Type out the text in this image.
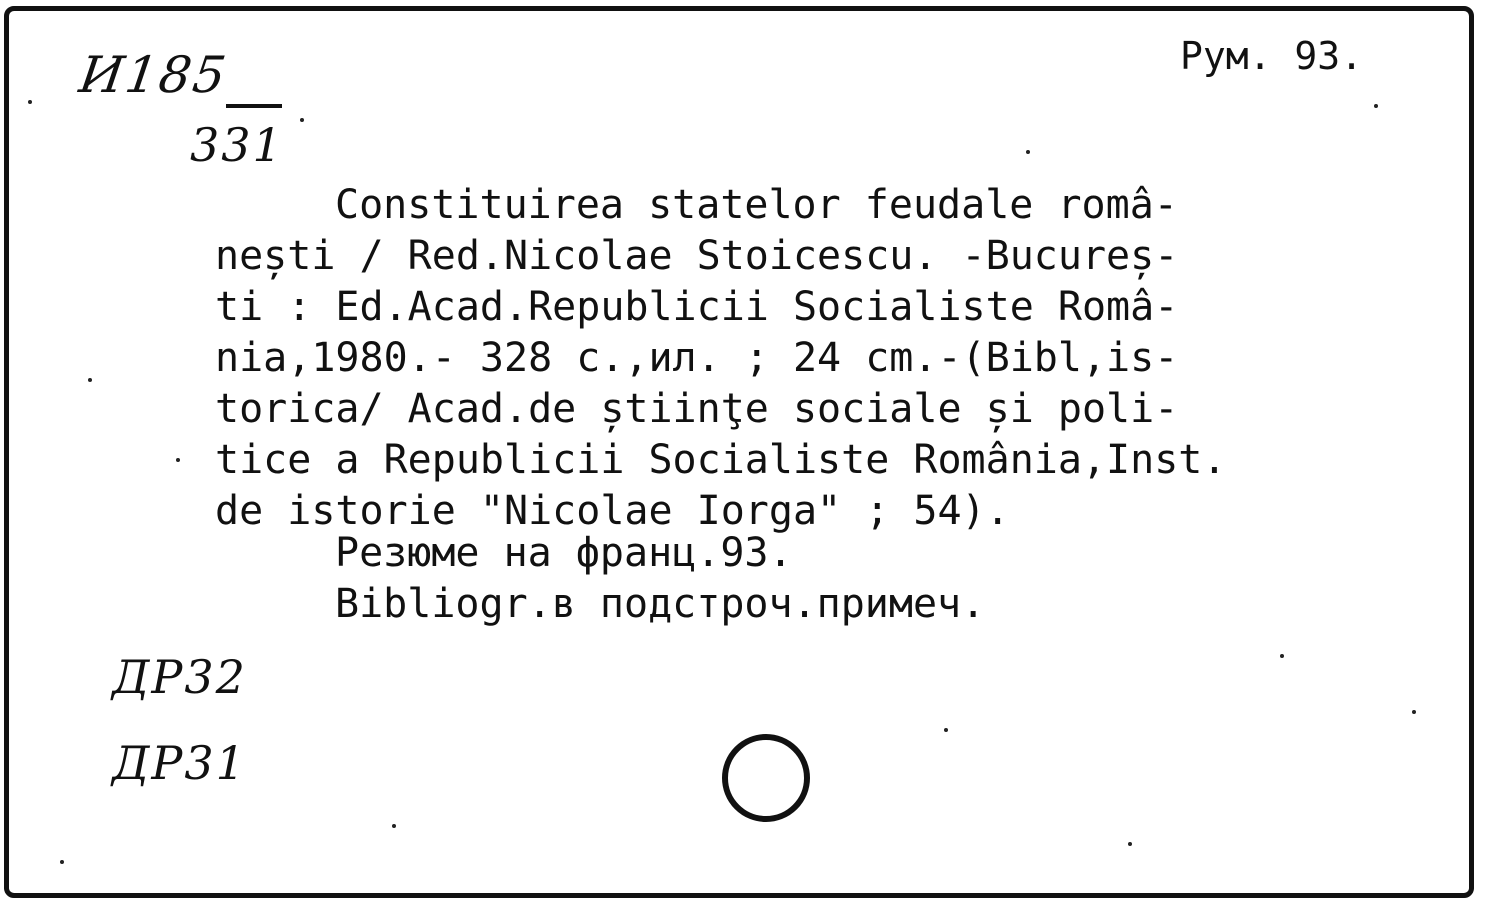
И185
331
Рум. 93.
Constituirea statelor feudale româ-
nești / Red.Nicolae Stoicescu. -Bucureș-
ti : Ed.Acad.Republicii Socialiste Româ-
nia,1980.- 328 c.,ил. ; 24 cm.-(Bibl,is-
torica/ Acad.de știinţe sociale și poli-
tice a Republicii Socialiste România,Inst.
de istorie "Nicolae Iorga" ; 54).
Резюме на франц.93.
Bibliogr.в подстроч.примеч.
ДР32
ДР31
